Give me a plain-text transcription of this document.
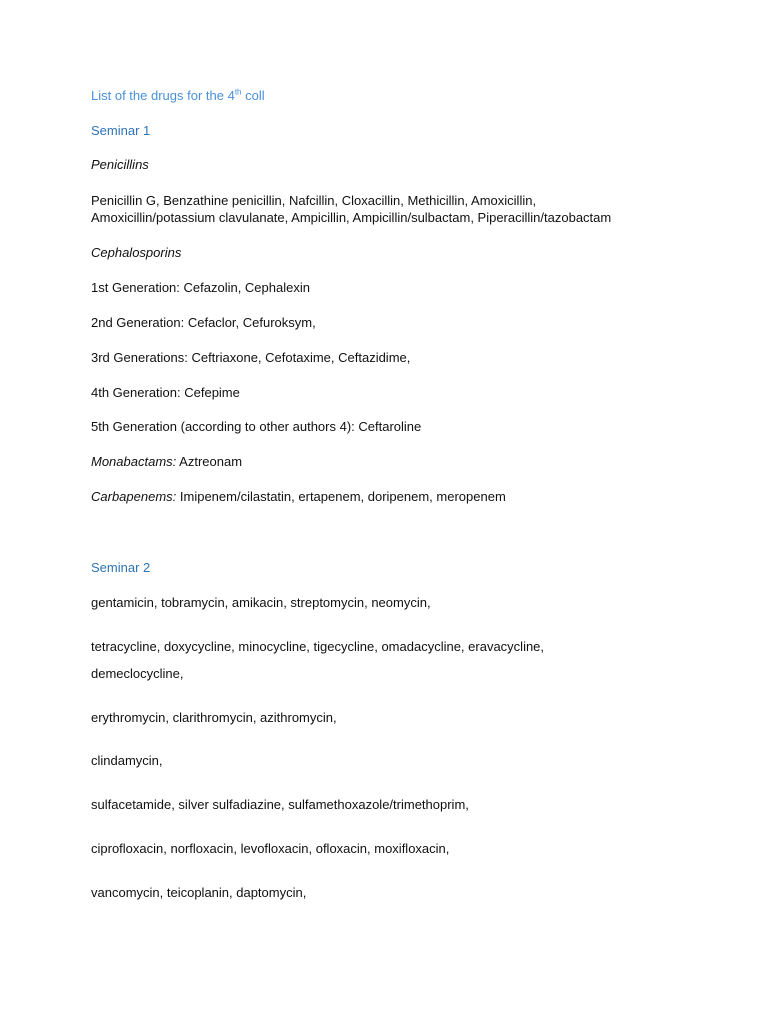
List of the drugs for the 4th coll
Seminar 1
Penicillins
Penicillin G, Benzathine penicillin, Nafcillin, Cloxacillin, Methicillin, Amoxicillin,
Amoxicillin/potassium clavulanate, Ampicillin, Ampicillin/sulbactam, Piperacillin/tazobactam
Cephalosporins
1st Generation: Cefazolin, Cephalexin
2nd Generation: Cefaclor, Cefuroksym,
3rd Generations: Ceftriaxone, Cefotaxime, Ceftazidime,
4th Generation: Cefepime
5th Generation (according to other authors 4): Ceftaroline
Monabactams: Aztreonam
Carbapenems: Imipenem/cilastatin, ertapenem, doripenem, meropenem
Seminar 2
gentamicin, tobramycin, amikacin, streptomycin, neomycin,
tetracycline, doxycycline, minocycline, tigecycline, omadacycline, eravacycline,
demeclocycline,
erythromycin, clarithromycin, azithromycin,
clindamycin,
sulfacetamide, silver sulfadiazine, sulfamethoxazole/trimethoprim,
ciprofloxacin, norfloxacin, levofloxacin, ofloxacin, moxifloxacin,
vancomycin, teicoplanin, daptomycin,
